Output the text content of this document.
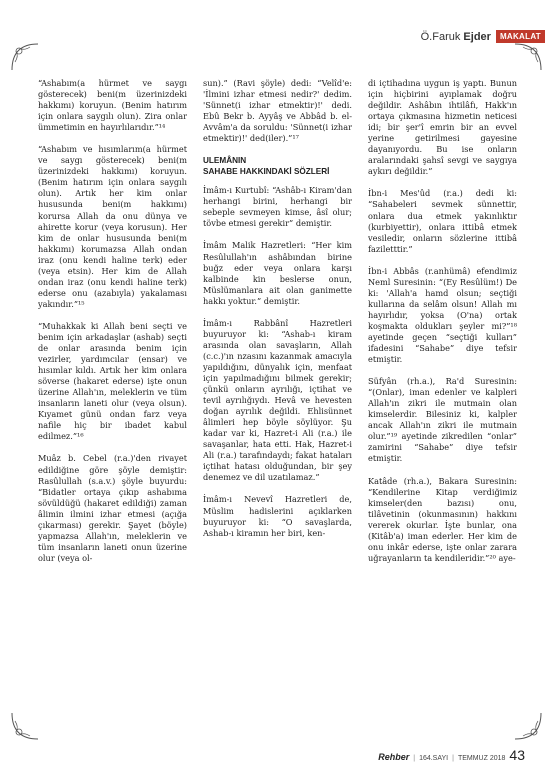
Ö.Faruk Ejder	MAKALAT

“Ashabım(a hürmet ve saygı gösterecek) beni(m üzerinizdeki hakkımı) koruyun. (Benim hatırım için onlara saygılı olun). Zira onlar ümmetimin en hayırlılarıdır.”¹⁴

“Ashabım ve hısımlarım(a hürmet ve saygı gösterecek) beni(m üzerinizdeki hakkımı) koruyun. (Benim hatırım için onlara saygılı olun). Artık her kim onlar hususunda beni(m hakkımı) korursa Allah da onu dünya ve ahirette korur (veya korusun). Her kim de onlar hususunda beni(m hakkımı) korumazsa Allah ondan iraz (onu kendi haline terk) eder (veya etsin). Her kim de Allah ondan iraz (onu kendi haline terk) ederse onu (azabıyla) yakalaması yakındır.”¹⁵

“Muhakkak ki Allah beni seçti ve benim için arkadaşlar (ashab) seçti de onlar arasında benim için vezirler, yardımcılar (ensar) ve hısımlar kıldı. Artık her kim onlara söverse (hakaret ederse) işte onun üzerine Allah'ın, meleklerin ve tüm insanların laneti olur (veya olsun). Kıyamet günü ondan farz veya nafile hiç bir ibadet kabul edilmez.”¹⁶

Muâz b. Cebel (r.a.)'den rivayet edildiğine göre şöyle demiştir: Rasûlullah (s.a.v.) şöyle buyurdu: “Bidatler ortaya çıkıp ashabıma sövüldüğü (hakaret edildiği) zaman âlimin ilmini izhar etmesi (açığa çıkarması) gerekir. Şayet (böyle) yapmazsa Allah'ın, meleklerin ve tüm insanların laneti onun üzerine olur (veya ol-

sun).” (Ravi şöyle) dedi: “Velîd'e: 'İlmini izhar etmesi nedir?' dedim. 'Sünnet(i izhar etmektir)!' dedi. Ebû Bekr b. Ayyâş ve Abbâd b. el-Avvâm'a da soruldu: 'Sünnet(i izhar etmektir)!' ded(iler).”¹⁷

ULEMÂNIN
SAHABE HAKKINDAKİ SÖZLERİ

İmâm-ı Kurtubî: “Ashâb-ı Kiram'dan herhangi birini, herhangi bir sebeple sevmeyen kimse, âsî olur; tövbe etmesi gerekir” demiştir.

İmâm Malik Hazretleri: “Her kim Resûlullah'ın ashâbından birine buğz eder veya onlara karşı kalbinde kin beslerse onun, Müslümanlara ait olan ganimette hakkı yoktur.” demiştir.

İmâm-ı Rabbânî Hazretleri buyuruyor ki: “Ashab-ı kiram arasında olan savaşların, Allah (c.c.)'ın nzasını kazanmak amacıyla yapıldığını, dünyalık için, menfaat için yapılmadığını bilmek gerekir; çünkü onların ayrılığı, içtihat ve tevil ayrılığıydı. Hevâ ve hevesten doğan ayrılık değildi. Ehlisünnet âlimleri hep böyle söylüyor. Şu kadar var ki, Hazret-i Ali (r.a.) ile savaşanlar, hata etti. Hak, Hazret-i Ali (r.a.) tarafındaydı; fakat hataları içtihat hatası olduğundan, bir şey denemez ve dil uzatılamaz.”

İmâm-ı Nevevî Hazretleri de, Müslim hadislerini açıklarken buyuruyor ki: “O savaşlarda, Ashab-ı kiramın her biri, ken-

di içtihadına uygun iş yaptı. Bunun için hiçbirini ayıplamak doğru değildir. Ashâbın ihtilâfı, Hakk'ın ortaya çıkmasına hizmetin neticesi idi; bir şer'î emrin bir an evvel yerine getirilmesi gayesine dayanıyordu. Bu ise onların aralarındaki şahsî sevgi ve saygıya aykırı değildir.”

İbn-i Mes'ûd (r.a.) dedi ki: “Sahabeleri sevmek sünnettir, onlara dua etmek yakınlıktır (kurbiyettir), onlara ittibâ etmek vesiledir, onların sözlerine ittibâ faziletttir.”

İbn-i Abbâs (r.anhümâ) efendimiz Neml Suresinin: “(Ey Resûlüm!) De ki: 'Allah'a hamd olsun; seçtiği kullarına da selâm olsun! Allah mı hayırlıdır, yoksa (O'na) ortak koşmakta oldukları şeyler mi?”¹⁸ ayetinde geçen “seçtiği kulları” ifadesini “Sahabe” diye tefsir etmiştir.

Süfyân (rh.a.), Ra'd Suresinin: “(Onlar), iman edenler ve kalpleri Allah'ın zikri ile mutmain olan kimselerdir. Bilesiniz ki, kalpler ancak Allah'ın zikri ile mutmain olur.”¹⁹ ayetinde zikredilen “onlar” zamirini “Sahabe” diye tefsir etmiştir.

Katâde (rh.a.), Bakara Suresinin: “Kendilerine Kitap verdiğimiz kimseler(den bazısı) onu, tilâvetinin (okunmasının) hakkını vererek okurlar. İşte bunlar, ona (Kitâb'a) iman ederler. Her kim de onu inkâr ederse, işte onlar zarara uğrayanların ta kendileridir.”²⁰ aye-

Rehber | 164.SAYI | TEMMUZ 2018 43
